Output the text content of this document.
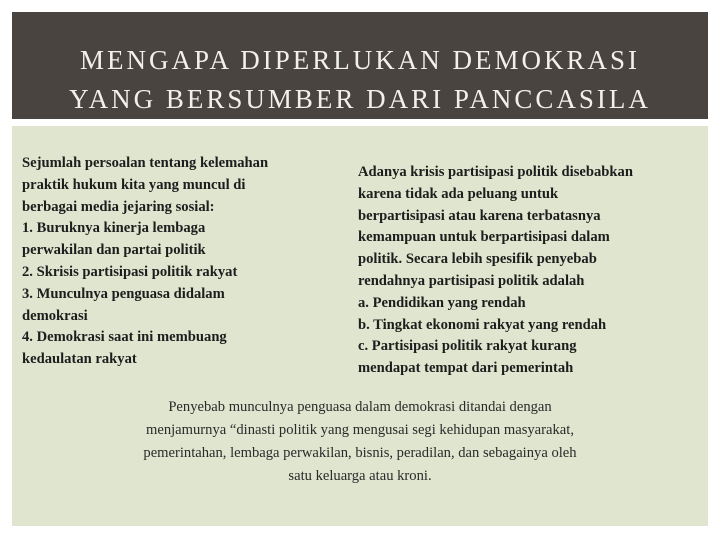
MENGAPA DIPERLUKAN DEMOKRASI
YANG BERSUMBER DARI PANCCASILA
Sejumlah persoalan tentang kelemahan
praktik hukum kita yang muncul di
berbagai media jejaring sosial:
1. Buruknya kinerja lembaga
perwakilan dan partai politik
2. Skrisis partisipasi politik rakyat
3. Munculnya penguasa didalam
demokrasi
4. Demokrasi saat ini membuang
kedaulatan rakyat
Adanya krisis partisipasi politik disebabkan
karena tidak ada peluang untuk
berpartisipasi atau karena terbatasnya
kemampuan untuk berpartisipasi dalam
politik. Secara lebih spesifik penyebab
rendahnya partisipasi politik adalah
a. Pendidikan yang rendah
b. Tingkat ekonomi rakyat yang rendah
c. Partisipasi politik rakyat kurang
mendapat tempat dari pemerintah
Penyebab munculnya penguasa dalam demokrasi ditandai dengan
menjamurnya “dinasti politik yang mengusai segi kehidupan masyarakat,
pemerintahan, lembaga perwakilan, bisnis, peradilan, dan sebagainya oleh
satu keluarga atau kroni.
